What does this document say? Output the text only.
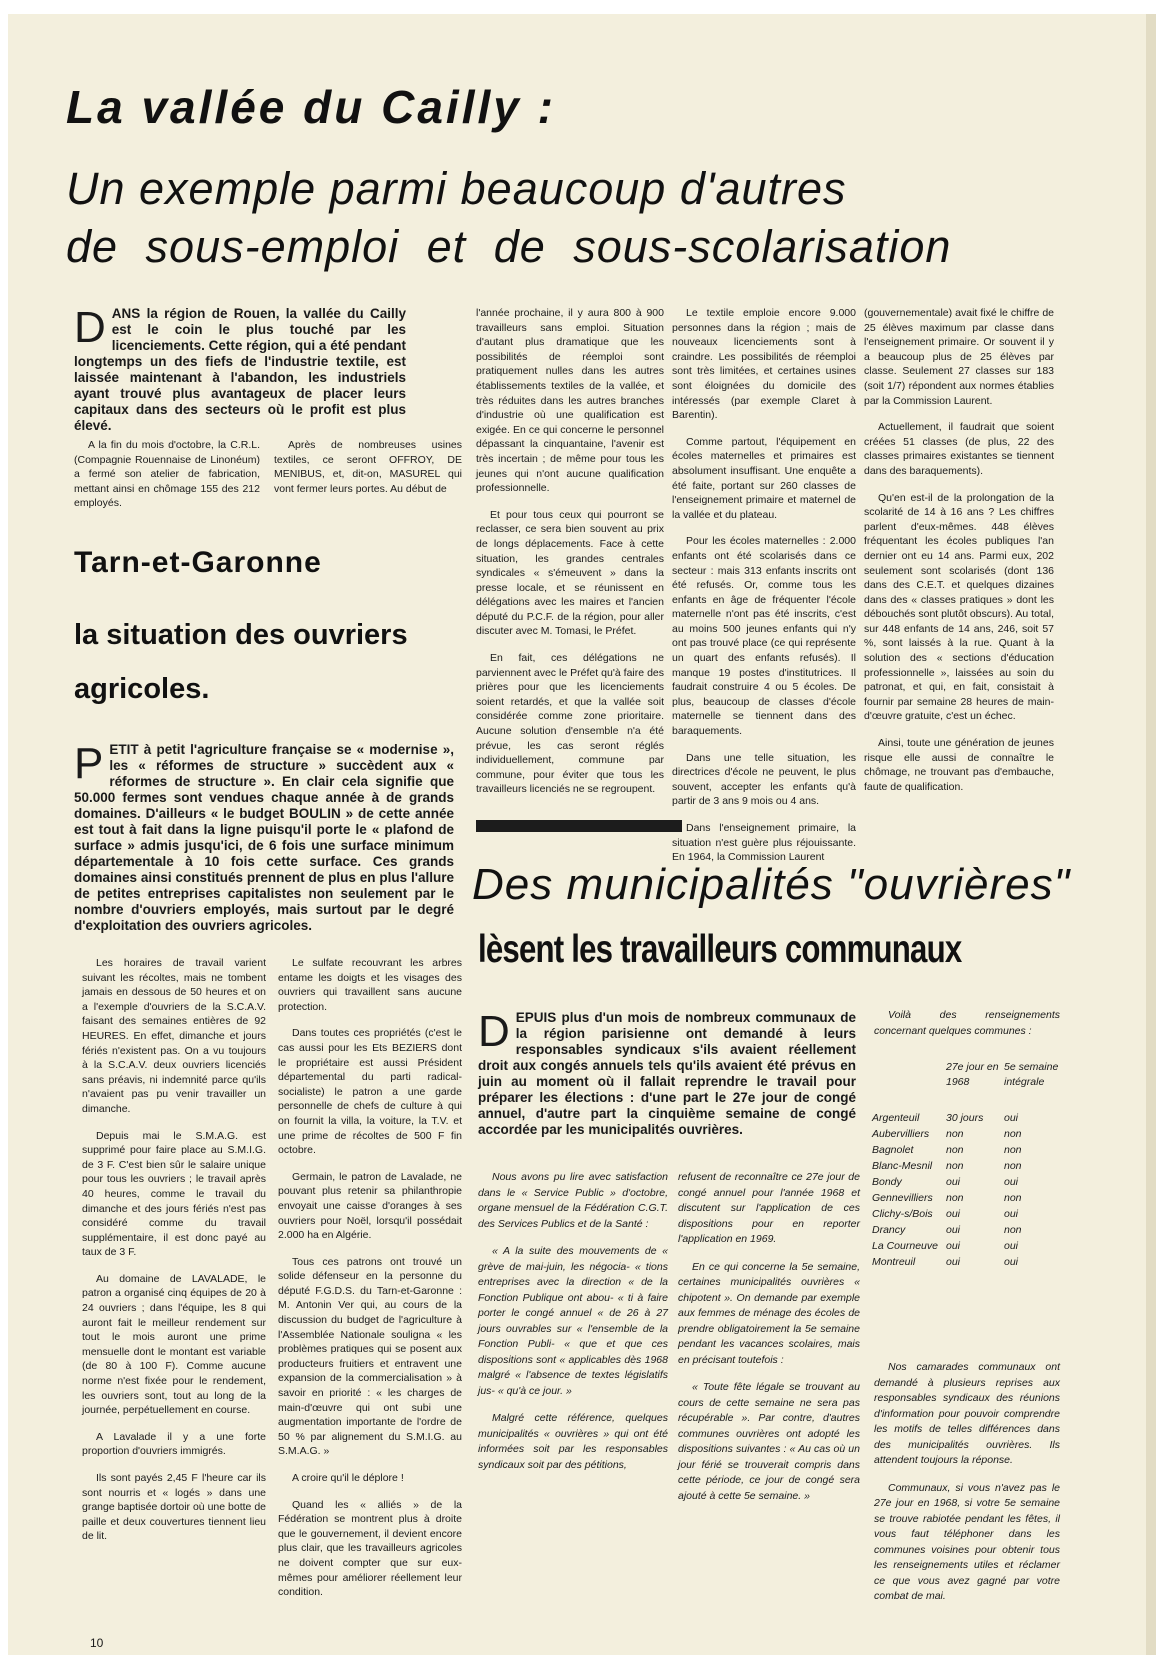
La vallée du Cailly :
Un exemple parmi beaucoup d'autres
de sous-emploi et de sous-scolarisation
D ANS la région de Rouen, la vallée du Cailly est le coin le plus touché par les licenciements. Cette région, qui a été pendant longtemps un des fiefs de l'industrie textile, est laissée maintenant à l'abandon, les industriels ayant trouvé plus avantageux de placer leurs capitaux dans des secteurs où le profit est plus élevé.

A la fin du mois d'octobre, la C.R.L. (Compagnie Rouennaise de Linonéum) a fermé son atelier de fabrication, mettant ainsi en chômage 155 des 212 employés.

Après de nombreuses usines textiles, ce seront OFFROY, DE MENIBUS, et, dit-on, MASUREL qui vont fermer leurs portes. Au début de

l'année prochaine, il y aura 800 à 900 travailleurs sans emploi. Situation d'autant plus dramatique que les possibilités de réemploi sont pratiquement nulles dans les autres établissements textiles de la vallée, et très réduites dans les autres branches d'industrie où une qualification est exigée. En ce qui concerne le personnel dépassant la cinquantaine, l'avenir est très incertain ; de même pour tous les jeunes qui n'ont aucune qualification professionnelle.

Et pour tous ceux qui pourront se reclasser, ce sera bien souvent au prix de longs déplacements. Face à cette situation, les grandes centrales syndicales « s'émeuvent » dans la presse locale, et se réunissent en délégations avec les maires et l'ancien député du P.C.F. de la région, pour aller discuter avec M. Tomasi, le Préfet.

En fait, ces délégations ne parviennent avec le Préfet qu'à faire des prières pour que les licenciements soient retardés, et que la vallée soit considérée comme zone prioritaire. Aucune solution d'ensemble n'a été prévue, les cas seront réglés individuellement, commune par commune, pour éviter que tous les travailleurs licenciés ne se regroupent.

Le textile emploie encore 9.000 personnes dans la région ; mais de nouveaux licenciements sont à craindre. Les possibilités de réemploi sont très limitées, et certaines usines sont éloignées du domicile des intéressés (par exemple Claret à Barentin).

Comme partout, l'équipement en écoles maternelles et primaires est absolument insuffisant. Une enquête a été faite, portant sur 260 classes de l'enseignement primaire et maternel de la vallée et du plateau.

Pour les écoles maternelles : 2.000 enfants ont été scolarisés dans ce secteur : mais 313 enfants inscrits ont été refusés. Or, comme tous les enfants en âge de fréquenter l'école maternelle n'ont pas été inscrits, c'est au moins 500 jeunes enfants qui n'y ont pas trouvé place (ce qui représente un quart des enfants refusés). Il manque 19 postes d'institutrices. Il faudrait construire 4 ou 5 écoles. De plus, beaucoup de classes d'école maternelle se tiennent dans des baraquements.

Dans une telle situation, les directrices d'école ne peuvent, le plus souvent, accepter les enfants qu'à partir de 3 ans 9 mois ou 4 ans.

Dans l'enseignement primaire, la situation n'est guère plus réjouissante. En 1964, la Commission Laurent

(gouvernementale) avait fixé le chiffre de 25 élèves maximum par classe dans l'enseignement primaire. Or souvent il y a beaucoup plus de 25 élèves par classe. Seulement 27 classes sur 183 (soit 1/7) répondent aux normes établies par la Commission Laurent.

Actuellement, il faudrait que soient créées 51 classes (de plus, 22 des classes primaires existantes se tiennent dans des baraquements).

Qu'en est-il de la prolongation de la scolarité de 14 à 16 ans ? Les chiffres parlent d'eux-mêmes. 448 élèves fréquentant les écoles publiques l'an dernier ont eu 14 ans. Parmi eux, 202 seulement sont scolarisés (dont 136 dans des C.E.T. et quelques dizaines dans des « classes pratiques » dont les débouchés sont plutôt obscurs). Au total, sur 448 enfants de 14 ans, 246, soit 57 %, sont laissés à la rue. Quant à la solution des « sections d'éducation professionnelle », laissées au soin du patronat, et qui, en fait, consistait à fournir par semaine 28 heures de main-d'œuvre gratuite, c'est un échec.

Ainsi, toute une génération de jeunes risque elle aussi de connaître le chômage, ne trouvant pas d'embauche, faute de qualification.

Tarn-et-Garonne
la situation des ouvriers agricoles.
P ETIT à petit l'agriculture française se « modernise », les « réformes de structure » succèdent aux « réformes de structure ». En clair cela signifie que 50.000 fermes sont vendues chaque année à de grands domaines. D'ailleurs « le budget BOULIN » de cette année est tout à fait dans la ligne puisqu'il porte le « plafond de surface » admis jusqu'ici, de 6 fois une surface minimum départementale à 10 fois cette surface. Ces grands domaines ainsi constitués prennent de plus en plus l'allure de petites entreprises capitalistes non seulement par le nombre d'ouvriers employés, mais surtout par le degré d'exploitation des ouvriers agricoles.

Les horaires de travail varient suivant les récoltes, mais ne tombent jamais en dessous de 50 heures et on a l'exemple d'ouvriers de la S.C.A.V. faisant des semaines entières de 92 HEURES. En effet, dimanche et jours fériés n'existent pas. On a vu toujours à la S.C.A.V. deux ouvriers licenciés sans préavis, ni indemnité parce qu'ils n'avaient pas pu venir travailler un dimanche.

Depuis mai le S.M.A.G. est supprimé pour faire place au S.M.I.G. de 3 F. C'est bien sûr le salaire unique pour tous les ouvriers ; le travail après 40 heures, comme le travail du dimanche et des jours fériés n'est pas considéré comme du travail supplémentaire, il est donc payé au taux de 3 F.

Au domaine de LAVALADE, le patron a organisé cinq équipes de 20 à 24 ouvriers ; dans l'équipe, les 8 qui auront fait le meilleur rendement sur tout le mois auront une prime mensuelle dont le montant est variable (de 80 à 100 F). Comme aucune norme n'est fixée pour le rendement, les ouvriers sont, tout au long de la journée, perpétuellement en course.

A Lavalade il y a une forte proportion d'ouvriers immigrés.

Ils sont payés 2,45 F l'heure car ils sont nourris et « logés » dans une grange baptisée dortoir où une botte de paille et deux couvertures tiennent lieu de lit.

Le sulfate recouvrant les arbres entame les doigts et les visages des ouvriers qui travaillent sans aucune protection.

Dans toutes ces propriétés (c'est le cas aussi pour les Ets BEZIERS dont le propriétaire est aussi Président départemental du parti radical-socialiste) le patron a une garde personnelle de chefs de culture à qui on fournit la villa, la voiture, la T.V. et une prime de récoltes de 500 F fin octobre.

Germain, le patron de Lavalade, ne pouvant plus retenir sa philanthropie envoyait une caisse d'oranges à ses ouvriers pour Noël, lorsqu'il possédait 2.000 ha en Algérie.

Tous ces patrons ont trouvé un solide défenseur en la personne du député F.G.D.S. du Tarn-et-Garonne : M. Antonin Ver qui, au cours de la discussion du budget de l'agriculture à l'Assemblée Nationale souligna « les problèmes pratiques qui se posent aux producteurs fruitiers et entravent une expansion de la commercialisation » à savoir en priorité : « les charges de main-d'œuvre qui ont subi une augmentation importante de l'ordre de 50 % par alignement du S.M.I.G. au S.M.A.G. »

A croire qu'il le déplore !

Quand les « alliés » de la Fédération se montrent plus à droite que le gouvernement, il devient encore plus clair, que les travailleurs agricoles ne doivent compter que sur eux-mêmes pour améliorer réellement leur condition.

Des municipalités "ouvrières"
lèsent les travailleurs communaux
D EPUIS plus d'un mois de nombreux communaux de la région parisienne ont demandé à leurs responsables syndicaux s'ils avaient réellement droit aux congés annuels tels qu'ils avaient été prévus en juin au moment où il fallait reprendre le travail pour préparer les élections : d'une part le 27e jour de congé annuel, d'autre part la cinquième semaine de congé accordée par les municipalités ouvrières.

Nous avons pu lire avec satisfaction dans le « Service Public » d'octobre, organe mensuel de la Fédération C.G.T. des Services Publics et de la Santé :

« A la suite des mouvements de « grève de mai-juin, les négocia- « tions entreprises avec la direction « de la Fonction Publique ont abou- « ti à faire porter le congé annuel « de 26 à 27 jours ouvrables sur « l'ensemble de la Fonction Publi- « que et que ces dispositions sont « applicables dès 1968 malgré « l'absence de textes législatifs jus- « qu'à ce jour. »

Malgré cette référence, quelques municipalités « ouvrières » qui ont été informées soit par les responsables syndicaux soit par des pétitions,

refusent de reconnaître ce 27e jour de congé annuel pour l'année 1968 et discutent sur l'application de ces dispositions pour en reporter l'application en 1969.

En ce qui concerne la 5e semaine, certaines municipalités ouvrières « chipotent ». On demande par exemple aux femmes de ménage des écoles de prendre obligatoirement la 5e semaine pendant les vacances scolaires, mais en précisant toutefois :

« Toute fête légale se trouvant au cours de cette semaine ne sera pas récupérable ». Par contre, d'autres communes ouvrières ont adopté les dispositions suivantes : « Au cas où un jour férié se trouverait compris dans cette période, ce jour de congé sera ajouté à cette 5e semaine. »

Voilà des renseignements concernant quelques communes :

	27e jour en 1968	5e semaine intégrale

Argenteuil	30 jours	oui
Aubervilliers	non	non
Bagnolet	non	non
Blanc-Mesnil	non	non
Bondy	oui	oui
Gennevilliers	non	non
Clichy-s/Bois	oui	oui
Drancy	oui	non
La Courneuve	oui	oui
Montreuil	oui	oui

Nos camarades communaux ont demandé à plusieurs reprises aux responsables syndicaux des réunions d'information pour pouvoir comprendre les motifs de telles différences dans des municipalités ouvrières. Ils attendent toujours la réponse.

Communaux, si vous n'avez pas le 27e jour en 1968, si votre 5e semaine se trouve rabiotée pendant les fêtes, il vous faut téléphoner dans les communes voisines pour obtenir tous les renseignements utiles et réclamer ce que vous avez gagné par votre combat de mai.

10
